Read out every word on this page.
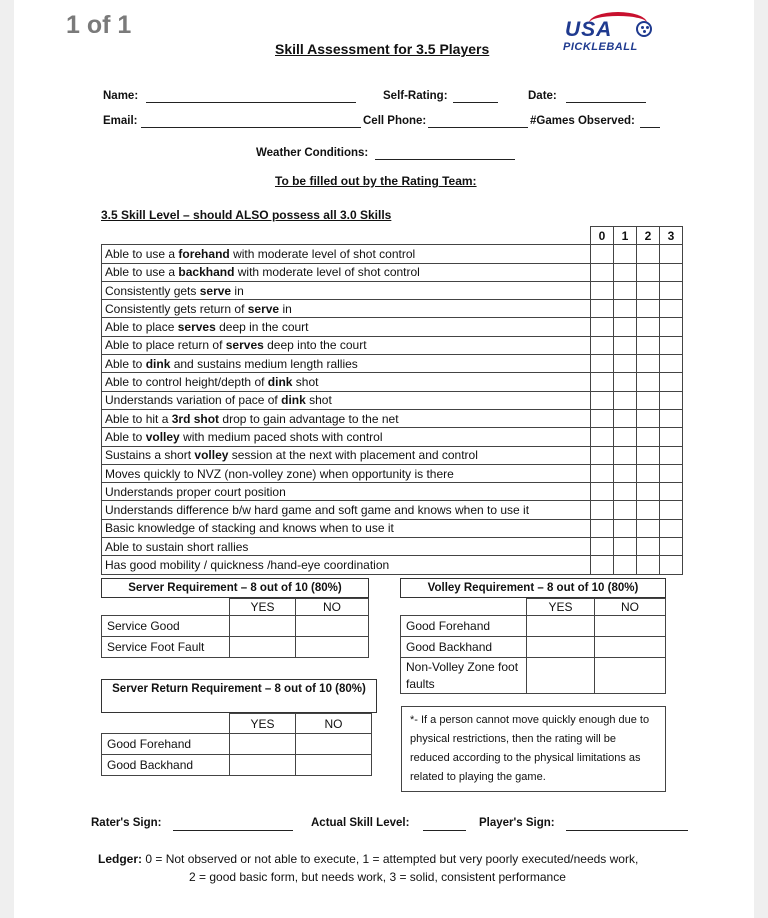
1 of 1	USA
PICKLEBALL
Skill Assessment for 3.5 Players
Name:	Self-Rating:	Date:
Email:	Cell Phone:	#Games Observed:
Weather Conditions:
To be filled out by the Rating Team:
3.5 Skill Level – should ALSO possess all 3.0 Skills
	0	1	2	3
Able to use a forehand with moderate level of shot control				
Able to use a backhand with moderate level of shot control				
Consistently gets serve in				
Consistently gets return of serve in				
Able to place serves deep in the court				
Able to place return of serves deep into the court				
Able to dink and sustains medium length rallies				
Able to control height/depth of dink shot				
Understands variation of pace of dink shot				
Able to hit a 3rd shot drop to gain advantage to the net				
Able to volley with medium paced shots with control				
Sustains a short volley session at the next with placement and control				
Moves quickly to NVZ (non-volley zone) when opportunity is there				
Understands proper court position				
Understands difference b/w hard game and soft game and knows when to use it				
Basic knowledge of stacking and knows when to use it				
Able to sustain short rallies				
Has good mobility / quickness /hand-eye coordination				
Server Requirement – 8 out of 10 (80%)
	YES	NO
Service Good		
Service Foot Fault		
Volley Requirement – 8 out of 10 (80%)
	YES	NO
Good Forehand		
Good Backhand		
Non-Volley Zone foot faults		
Server Return Requirement – 8 out of 10 (80%)
	YES	NO
Good Forehand		
Good Backhand		
*- If a person cannot move quickly enough due to physical restrictions, then the rating will be reduced according to the physical limitations as related to playing the game.
Rater's Sign:	Actual Skill Level:	Player's Sign:
Ledger: 0 = Not observed or not able to execute, 1 = attempted but very poorly executed/needs work,
2 = good basic form, but needs work, 3 = solid, consistent performance
